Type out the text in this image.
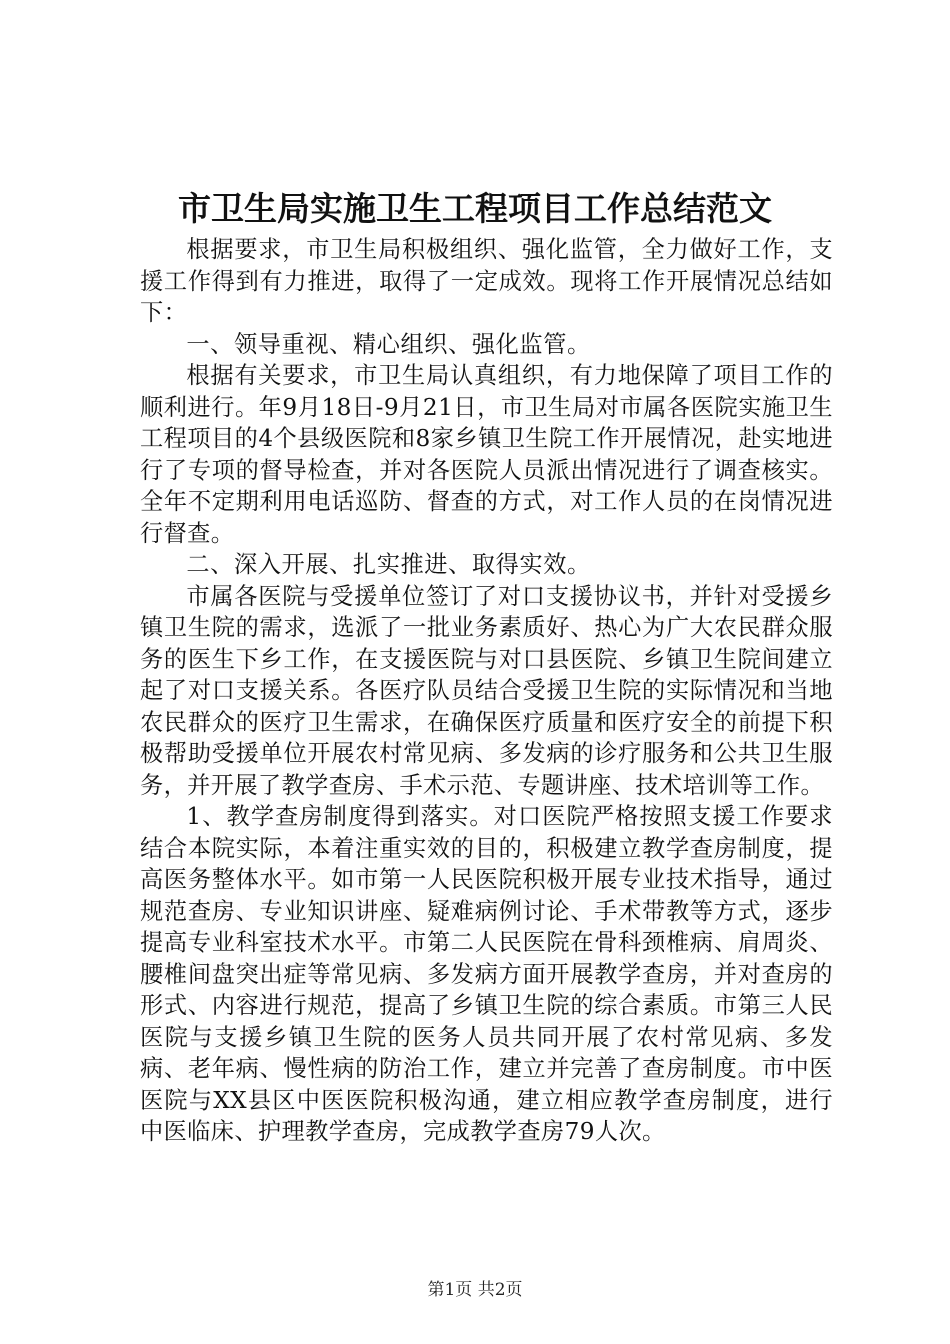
市卫生局实施卫生工程项目工作总结范文

根据要求，市卫生局积极组织、强化监管，全力做好工作，支援工作得到有力推进，取得了一定成效。现将工作开展情况总结如下：

一、领导重视、精心组织、强化监管。

根据有关要求，市卫生局认真组织，有力地保障了项目工作的顺利进行。年9月18日-9月21日，市卫生局对市属各医院实施卫生工程项目的4个县级医院和8家乡镇卫生院工作开展情况，赴实地进行了专项的督导检查，并对各医院人员派出情况进行了调查核实。全年不定期利用电话巡防、督查的方式，对工作人员的在岗情况进行督查。

二、深入开展、扎实推进、取得实效。

市属各医院与受援单位签订了对口支援协议书，并针对受援乡镇卫生院的需求，选派了一批业务素质好、热心为广大农民群众服务的医生下乡工作，在支援医院与对口县医院、乡镇卫生院间建立起了对口支援关系。各医疗队员结合受援卫生院的实际情况和当地农民群众的医疗卫生需求，在确保医疗质量和医疗安全的前提下积极帮助受援单位开展农村常见病、多发病的诊疗服务和公共卫生服务，并开展了教学查房、手术示范、专题讲座、技术培训等工作。

1、教学查房制度得到落实。对口医院严格按照支援工作要求结合本院实际，本着注重实效的目的，积极建立教学查房制度，提高医务整体水平。如市第一人民医院积极开展专业技术指导，通过规范查房、专业知识讲座、疑难病例讨论、手术带教等方式，逐步提高专业科室技术水平。市第二人民医院在骨科颈椎病、肩周炎、腰椎间盘突出症等常见病、多发病方面开展教学查房，并对查房的形式、内容进行规范，提高了乡镇卫生院的综合素质。市第三人民医院与支援乡镇卫生院的医务人员共同开展了农村常见病、多发病、老年病、慢性病的防治工作，建立并完善了查房制度。市中医医院与XX县区中医医院积极沟通，建立相应教学查房制度，进行中医临床、护理教学查房，完成教学查房79人次。

第1页 共2页
